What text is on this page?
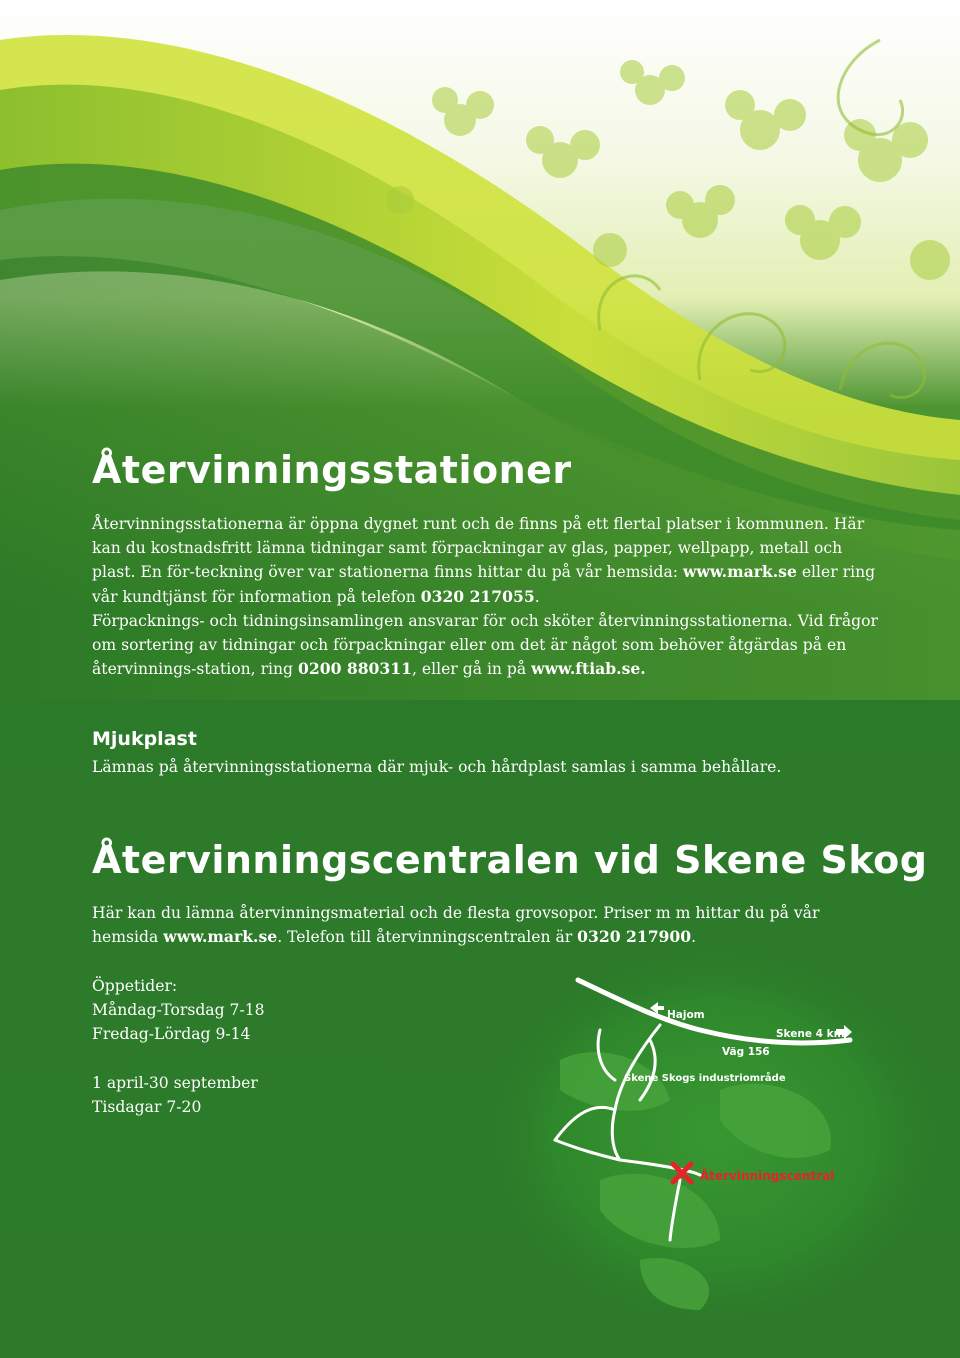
Återvinningsstationer
Återvinningsstationerna är öppna dygnet runt och de finns på ett flertal platser i kommunen. Här kan du kostnadsfritt lämna tidningar samt förpackningar av glas, papper, wellpapp, metall och plast. En för-teckning över var stationerna finns hittar du på vår hemsida: www.mark.se eller ring vår kundtjänst för information på telefon 0320 217055.
Förpacknings- och tidningsinsamlingen ansvarar för och sköter återvinningsstationerna. Vid frågor om sortering av tidningar och förpackningar eller om det är något som behöver åtgärdas på en återvinnings-station, ring 0200 880311, eller gå in på www.ftiab.se.
Mjukplast
Lämnas på återvinningsstationerna där mjuk- och hårdplast samlas i samma behållare.
Återvinningscentralen vid Skene Skog
Här kan du lämna återvinningsmaterial och de flesta grovsopor. Priser m m hittar du på vår hemsida www.mark.se. Telefon till återvinningscentralen är 0320 217900.
Öppetider:
Måndag-Torsdag 7-18
Fredag-Lördag 9-14
1 april-30 september
Tisdagar 7-20
Hajom
Skene 4 km
Väg 156
Skene Skogs industriområde
Återvinningscentral
